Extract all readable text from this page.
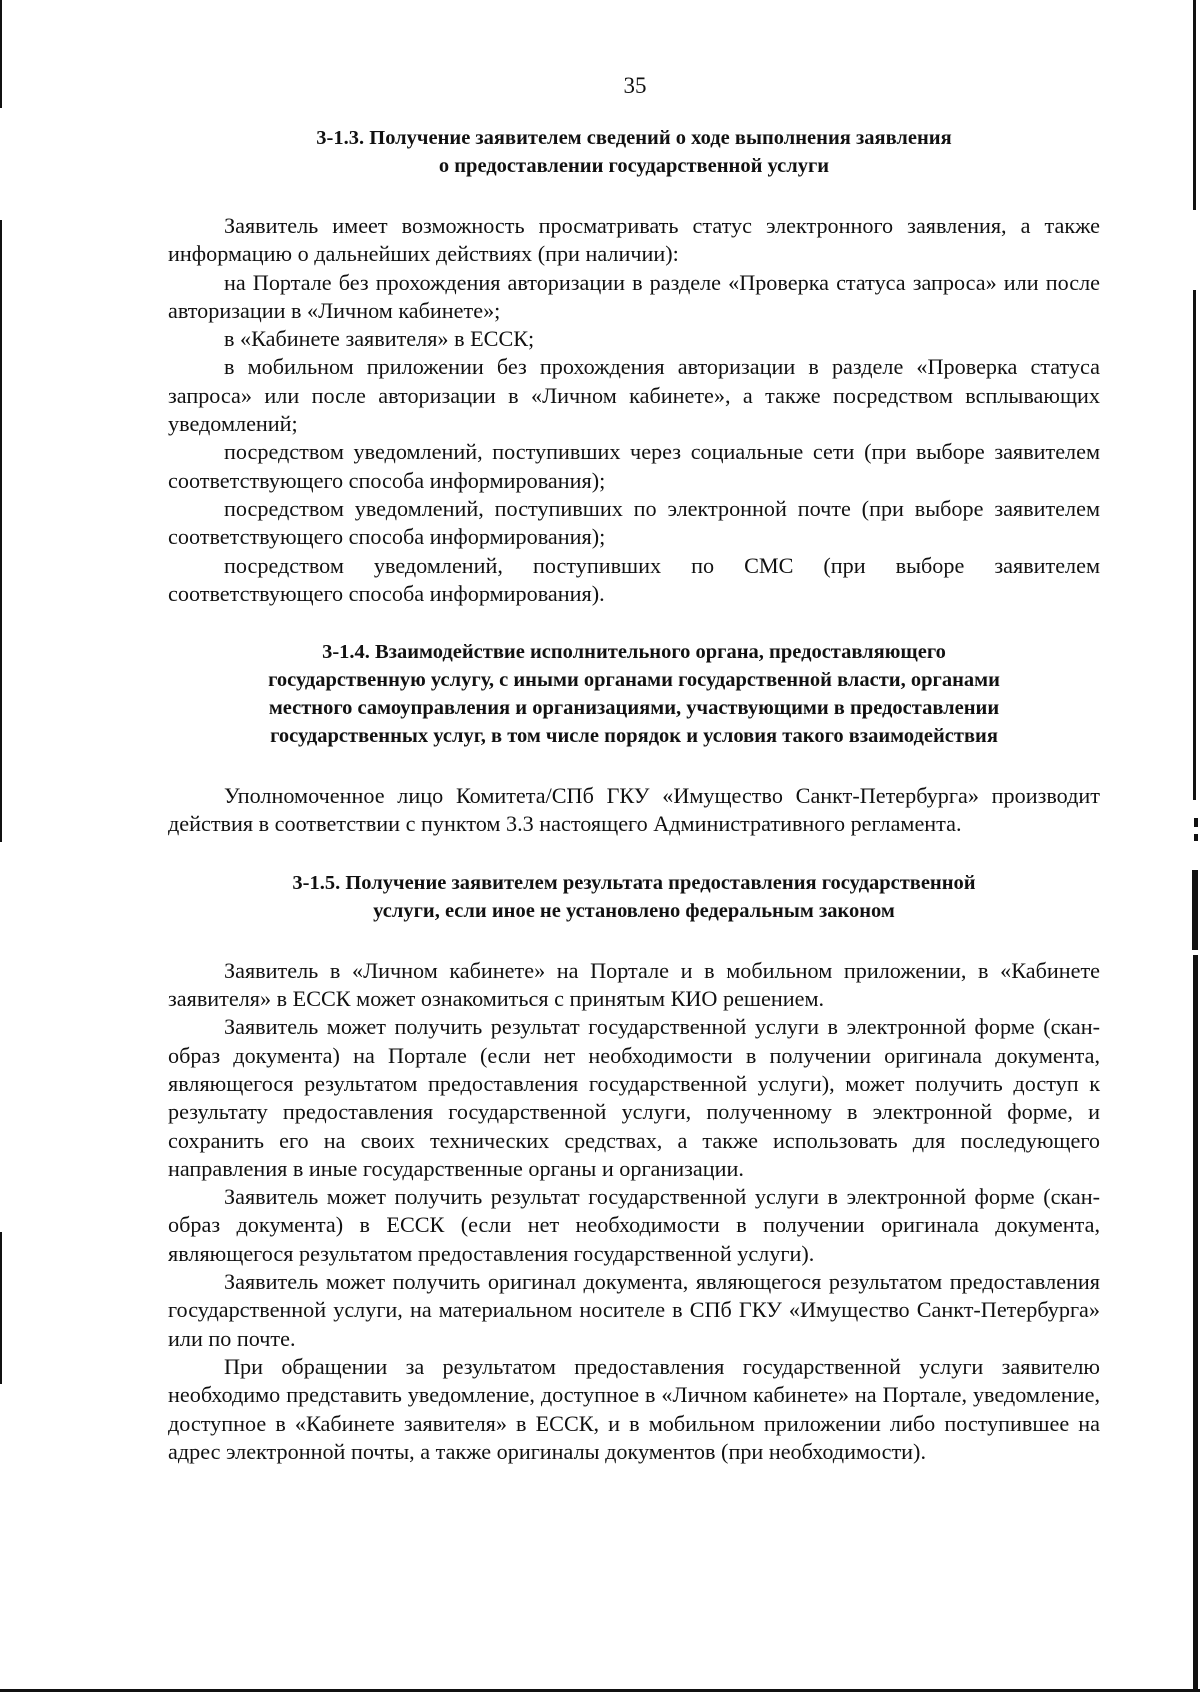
35
3-1.3. Получение заявителем сведений о ходе выполнения заявления
о предоставлении государственной услуги

Заявитель имеет возможность просматривать статус электронного заявления, а также информацию о дальнейших действиях (при наличии):

на Портале без прохождения авторизации в разделе «Проверка статуса запроса» или после авторизации в «Личном кабинете»;

в «Кабинете заявителя» в ЕССК;

в мобильном приложении без прохождения авторизации в разделе «Проверка статуса запроса» или после авторизации в «Личном кабинете», а также посредством всплывающих уведомлений;

посредством уведомлений, поступивших через социальные сети (при выборе заявителем соответствующего способа информирования);

посредством уведомлений, поступивших по электронной почте (при выборе заявителем соответствующего способа информирования);

посредством уведомлений, поступивших по СМС (при выборе заявителем соответствующего способа информирования).

3-1.4. Взаимодействие исполнительного органа, предоставляющего
государственную услугу, с иными органами государственной власти, органами
местного самоуправления и организациями, участвующими в предоставлении
государственных услуг, в том числе порядок и условия такого взаимодействия

Уполномоченное лицо Комитета/СПб ГКУ «Имущество Санкт-Петербурга» производит действия в соответствии с пунктом 3.3 настоящего Административного регламента.

3-1.5. Получение заявителем результата предоставления государственной
услуги, если иное не установлено федеральным законом

Заявитель в «Личном кабинете» на Портале и в мобильном приложении, в «Кабинете заявителя» в ЕССК может ознакомиться с принятым КИО решением.

Заявитель может получить результат государственной услуги в электронной форме (скан-образ документа) на Портале (если нет необходимости в получении оригинала документа, являющегося результатом предоставления государственной услуги), может получить доступ к результату предоставления государственной услуги, полученному в электронной форме, и сохранить его на своих технических средствах, а также использовать для последующего направления в иные государственные органы и организации.

Заявитель может получить результат государственной услуги в электронной форме (скан-образ документа) в ЕССК (если нет необходимости в получении оригинала документа, являющегося результатом предоставления государственной услуги).

Заявитель может получить оригинал документа, являющегося результатом предоставления государственной услуги, на материальном носителе в СПб ГКУ «Имущество Санкт-Петербурга» или по почте.

При обращении за результатом предоставления государственной услуги заявителю необходимо представить уведомление, доступное в «Личном кабинете» на Портале, уведомление, доступное в «Кабинете заявителя» в ЕССК, и в мобильном приложении либо поступившее на адрес электронной почты, а также оригиналы документов (при необходимости).
